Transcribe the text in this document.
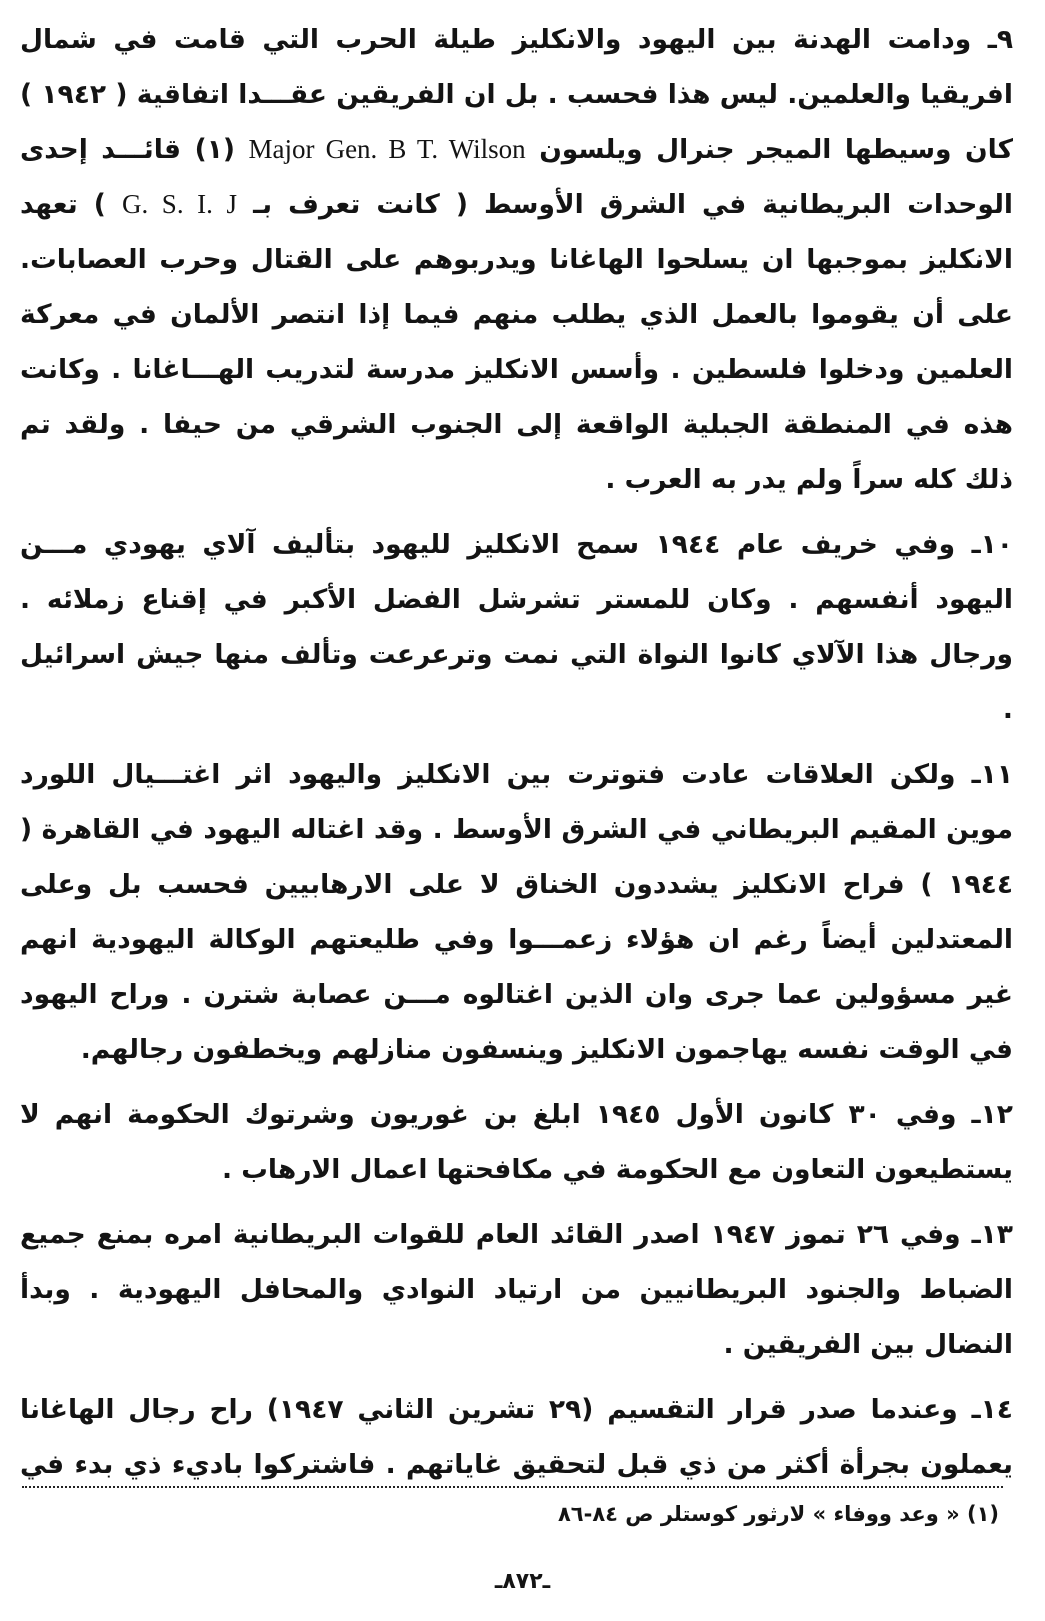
٩ـ ودامت الهدنة بين اليهود والانكليز طيلة الحرب التي قامت في شمال افريقيا والعلمين. ليس هذا فحسب . بل ان الفريقين عقـــدا اتفاقية ( ١٩٤٢ ) كان وسيطها الميجر جنرال ويلسون Major Gen. B T. Wilson (١) قائـــد إحدى الوحدات البريطانية في الشرق الأوسط ( كانت تعرف بـ G. S. I. J ) تعهد الانكليز بموجبها ان يسلحوا الهاغانا ويدربوهم على القتال وحرب العصابات. على أن يقوموا بالعمل الذي يطلب منهم فيما إذا انتصر الألمان في معركة العلمين ودخلوا فلسطين . وأسس الانكليز مدرسة لتدريب الهـــاغانا . وكانت هذه في المنطقة الجبلية الواقعة إلى الجنوب الشرقي من حيفا . ولقد تم ذلك كله سراً ولم يدر به العرب .

١٠ـ وفي خريف عام ١٩٤٤ سمح الانكليز لليهود بتأليف آلاي يهودي مـــن اليهود أنفسهم . وكان للمستر تشرشل الفضل الأكبر في إقناع زملائه . ورجال هذا الآلاي كانوا النواة التي نمت وترعرعت وتألف منها جيش اسرائيل .

١١ـ ولكن العلاقات عادت فتوترت بين الانكليز واليهود اثر اغتـــيال اللورد موين المقيم البريطاني في الشرق الأوسط . وقد اغتاله اليهود في القاهرة ( ١٩٤٤ ) فراح الانكليز يشددون الخناق لا على الارهابيين فحسب بل وعلى المعتدلين أيضاً رغم ان هؤلاء زعمـــوا وفي طليعتهم الوكالة اليهودية انهم غير مسؤولين عما جرى وان الذين اغتالوه مـــن عصابة شترن . وراح اليهود في الوقت نفسه يهاجمون الانكليز وينسفون منازلهم ويخطفون رجالهم.

١٢ـ وفي ٣٠ كانون الأول ١٩٤٥ ابلغ بن غوريون وشرتوك الحكومة انهم لا يستطيعون التعاون مع الحكومة في مكافحتها اعمال الارهاب .

١٣ـ وفي ٢٦ تموز ١٩٤٧ اصدر القائد العام للقوات البريطانية امره بمنع جميع الضباط والجنود البريطانيين من ارتياد النوادي والمحافل اليهودية . وبدأ النضال بين الفريقين .

١٤ـ وعندما صدر قرار التقسيم (٢٩ تشرين الثاني ١٩٤٧) راح رجال الهاغانا يعملون بجرأة أكثر من ذي قبل لتحقيق غاياتهم . فاشتركوا باديء ذي بدء في

(١) « وعد ووفاء » لارثور كوستلر ص ٨٤-٨٦
ـ٨٧٢ـ
